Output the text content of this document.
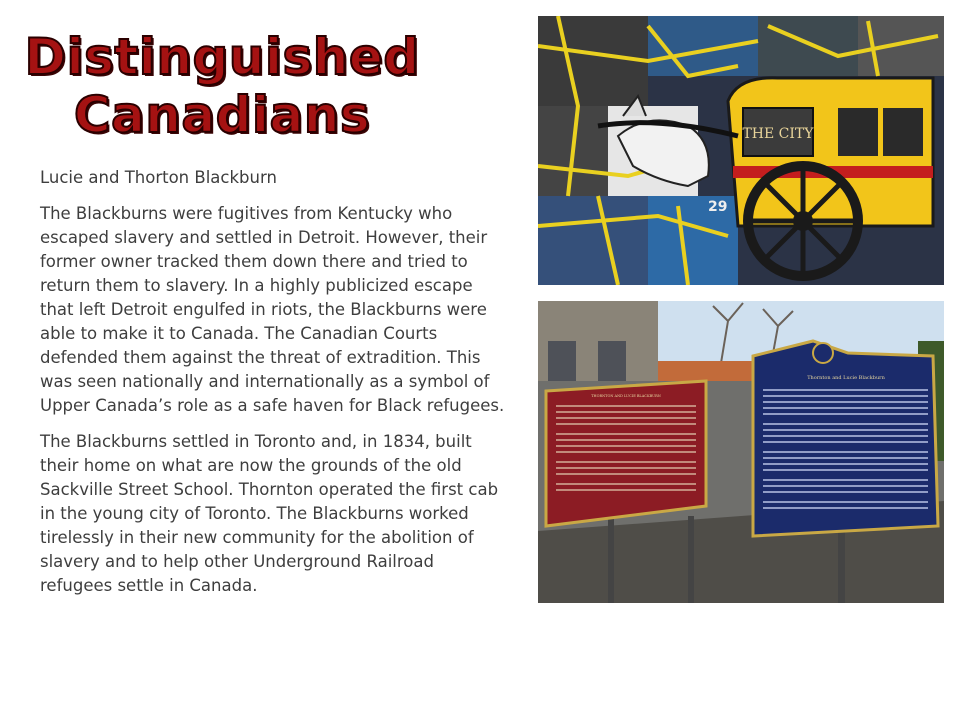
Distinguished Canadians

Lucie and Thorton Blackburn

The Blackburns were fugitives from Kentucky who escaped slavery and settled in Detroit. However, their former owner tracked them down there and tried to return them to slavery. In a highly publicized escape that left Detroit engulfed in riots, the Blackburns were able to make it to Canada. The Canadian Courts defended them against the threat of extradition. This was seen nationally and internationally as a symbol of Upper Canada’s role as a safe haven for Black refugees.

The Blackburns settled in Toronto and, in 1834, built their home on what are now the grounds of the old Sackville Street School. Thornton operated the first cab in the young city of Toronto. The Blackburns worked tirelessly in their new community for the abolition of slavery and to help other Underground Railroad refugees settle in Canada.

THE CITY
29
THORNTON AND LUCIE BLACKBURN
Thornton and Lucie Blackburn
